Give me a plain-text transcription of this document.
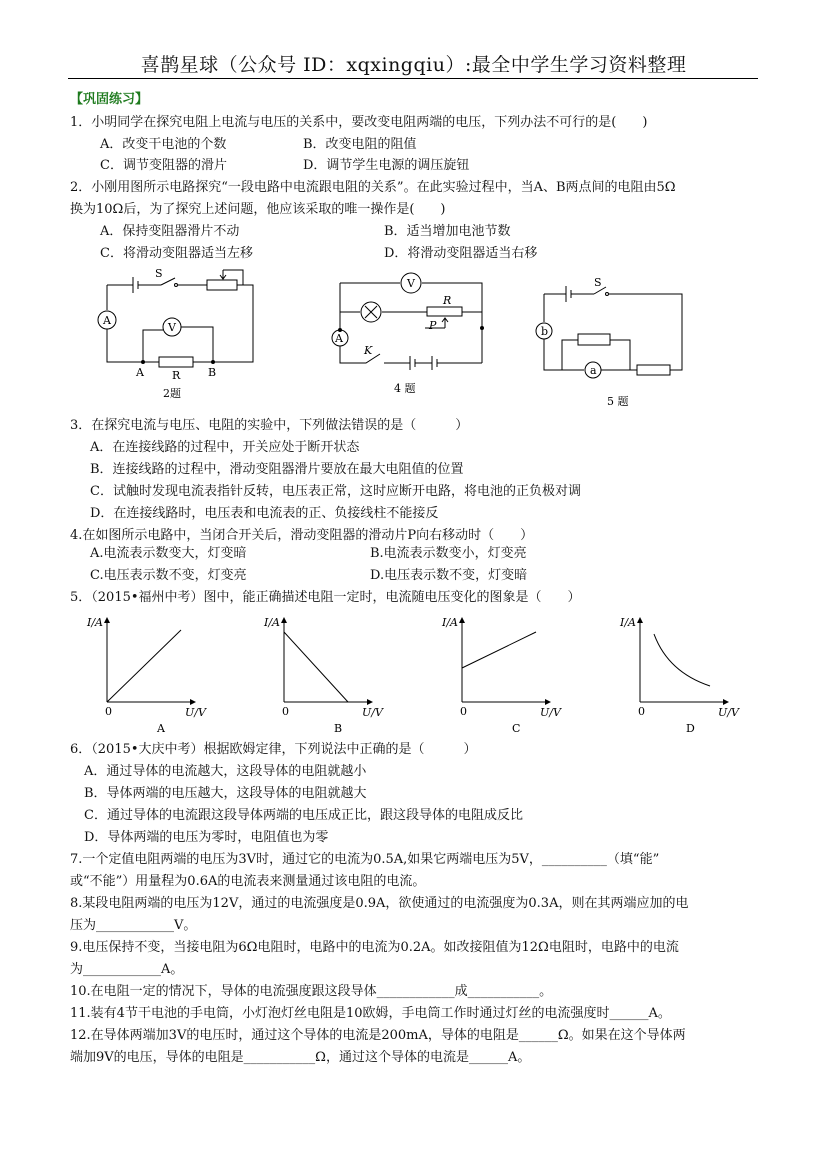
喜鹊星球（公众号 ID：xqxingqiu）:最全中学生学习资料整理
【巩固练习】
1．小明同学在探究电阻上电流与电压的关系中，要改变电阻两端的电压，下列办法不可行的是(　　)
A．改变干电池的个数	B．改变电阻的阻值
C．调节变阻器的滑片	D．调节学生电源的调压旋钮
2．小刚用图所示电路探究“一段电路中电流跟电阻的关系”。在此实验过程中，当A、B两点间的电阻由5Ω
换为10Ω后，为了探究上述问题，他应该采取的唯一操作是(　　)
A．保持变阻器滑片不动	B．适当增加电池节数
C．将滑动变阻器适当左移	D．将滑动变阻器适当右移
S
A
V
R
A	B
2题
V
R
P
A
K
4 题
S
b
a
5 题
3．在探究电流与电压、电阻的实验中，下列做法错误的是（　　　）
A．在连接线路的过程中，开关应处于断开状态
B．连接线路的过程中，滑动变阻器滑片要放在最大电阻值的位置
C．试触时发现电流表指针反转，电压表正常，这时应断开电路，将电池的正负极对调
D．在连接线路时，电压表和电流表的正、负接线柱不能接反
4.在如图所示电路中，当闭合开关后，滑动变阻器的滑动片P向右移动时（　　）
A.电流表示数变大，灯变暗	B.电流表示数变小，灯变亮
C.电压表示数不变，灯变亮	D.电压表示数不变，灯变暗
5．（2015•福州中考）图中，能正确描述电阻一定时，电流随电压变化的图象是（　　）
I/A
0	U/V
A
I/A
0	U/V
B
I/A
0	U/V
C
I/A
0	U/V
D
6．（2015•大庆中考）根据欧姆定律，下列说法中正确的是（　　　）
A．通过导体的电流越大，这段导体的电阻就越小
B．导体两端的电压越大，这段导体的电阻就越大
C．通过导体的电流跟这段导体两端的电压成正比，跟这段导体的电阻成反比
D．导体两端的电压为零时，电阻值也为零
7.一个定值电阻两端的电压为3V时，通过它的电流为0.5A,如果它两端电压为5V，__________（填“能”
或“不能”）用量程为0.6A的电流表来测量通过该电阻的电流。
8.某段电阻两端的电压为12V，通过的电流强度是0.9A，欲使通过的电流强度为0.3A，则在其两端应加的电
压为____________V。
9.电压保持不变，当接电阻为6Ω电阻时，电路中的电流为0.2A。如改接阻值为12Ω电阻时，电路中的电流
为____________A。
10.在电阻一定的情况下，导体的电流强度跟这段导体____________成___________。
11.装有4节干电池的手电筒，小灯泡灯丝电阻是10欧姆，手电筒工作时通过灯丝的电流强度时______A。
12.在导体两端加3V的电压时，通过这个导体的电流是200mA，导体的电阻是______Ω。如果在这个导体两
端加9V的电压，导体的电阻是___________Ω，通过这个导体的电流是______A。
